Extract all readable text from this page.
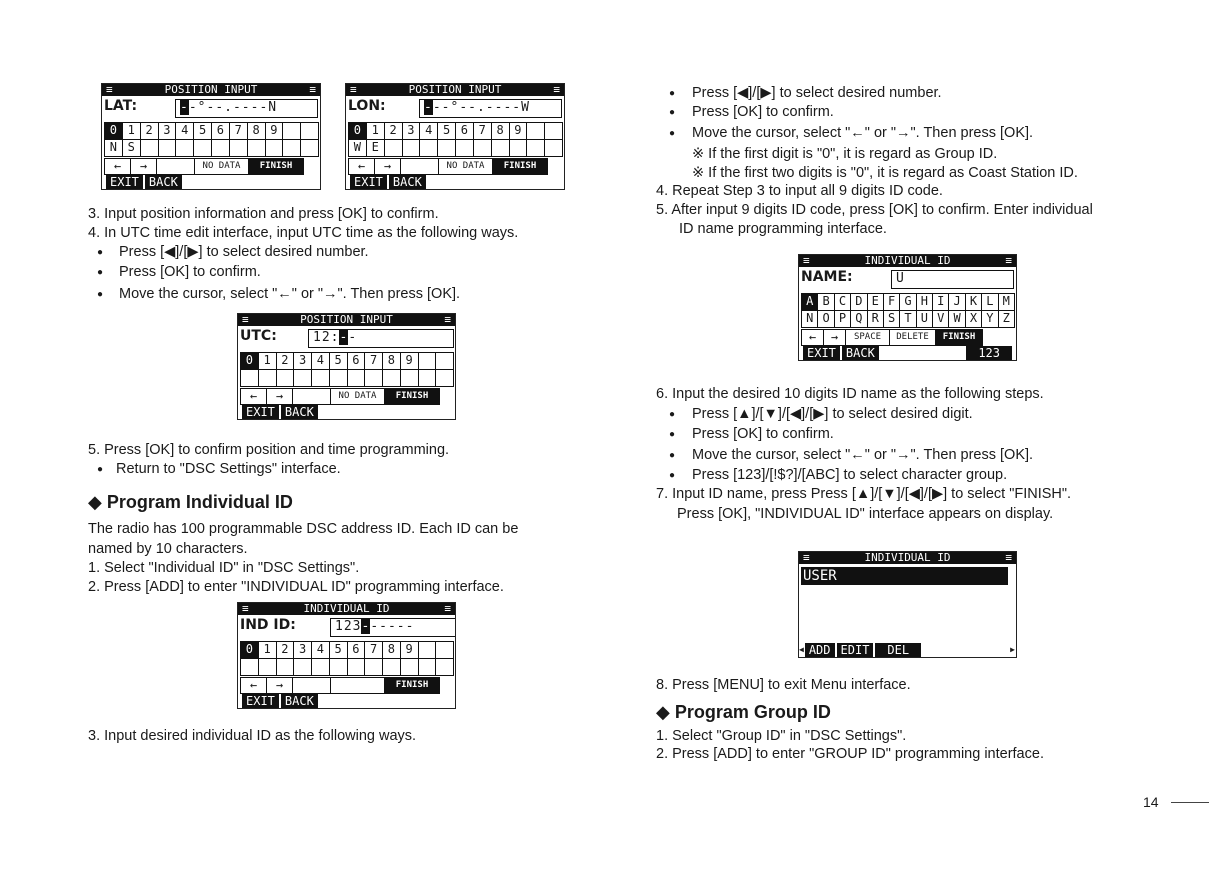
≡	POSITION INPUT	≡
LAT:	--°--.----N
0 1 2 3 4 5 6 7 8 9
N S
←	→	NO DATA	FINISH
EXIT BACK
≡	POSITION INPUT	≡
LON:	---°--.----W
0 1 2 3 4 5 6 7 8 9
W E
←	→	NO DATA	FINISH
EXIT BACK
≡	POSITION INPUT	≡
UTC:	12:--
0 1 2 3 4 5 6 7 8 9
←	→	NO DATA	FINISH
EXIT BACK
≡	INDIVIDUAL ID	≡
IND ID:	123------
0 1 2 3 4 5 6 7 8 9
←	→	FINISH
EXIT BACK
3. Input position information and press [OK] to confirm.
4. In UTC time edit interface, input UTC time as the following ways.
● Press [◀]/[▶] to select desired number.
● Press [OK] to confirm.
● Move the cursor, select "←" or "→". Then press [OK].
5. Press [OK] to confirm position and time programming.
● Return to "DSC Settings" interface.
◆ Program Individual ID
The radio has 100 programmable DSC address ID. Each ID can be
named by 10 characters.
1. Select "Individual ID" in "DSC Settings".
2. Press [ADD] to enter "INDIVIDUAL ID" programming interface.
3. Input desired individual ID as the following ways.
● Press [◀]/[▶] to select desired number.
● Press [OK] to confirm.
● Move the cursor, select "←" or "→". Then press [OK].
※ If the first digit is "0", it is regard as Group ID.
※ If the first two digits is "0", it is regard as Coast Station ID.
4. Repeat Step 3 to input all 9 digits ID code.
5. After input 9 digits ID code, press [OK] to confirm. Enter individual
ID name programming interface.
≡	INDIVIDUAL ID	≡
NAME:	U
A B C D E F G H I J K L M
N O P Q R S T U V W X Y Z
←	→	SPACE	DELETE	FINISH
EXIT BACK	123
6. Input the desired 10 digits ID name as the following steps.
● Press [▲]/[▼]/[◀]/[▶] to select desired digit.
● Press [OK] to confirm.
● Move the cursor, select "←" or "→". Then press [OK].
● Press [123]/[!$?]/[ABC] to select character group.
7. Input ID name, press Press [▲]/[▼]/[◀]/[▶] to select "FINISH".
Press [OK], "INDIVIDUAL ID" interface appears on display.
≡	INDIVIDUAL ID	≡
USER
◀ ADD EDIT	DEL	▶
8. Press [MENU] to exit Menu interface.
◆ Program Group ID
1. Select "Group ID" in "DSC Settings".
2. Press [ADD] to enter "GROUP ID" programming interface.
14
